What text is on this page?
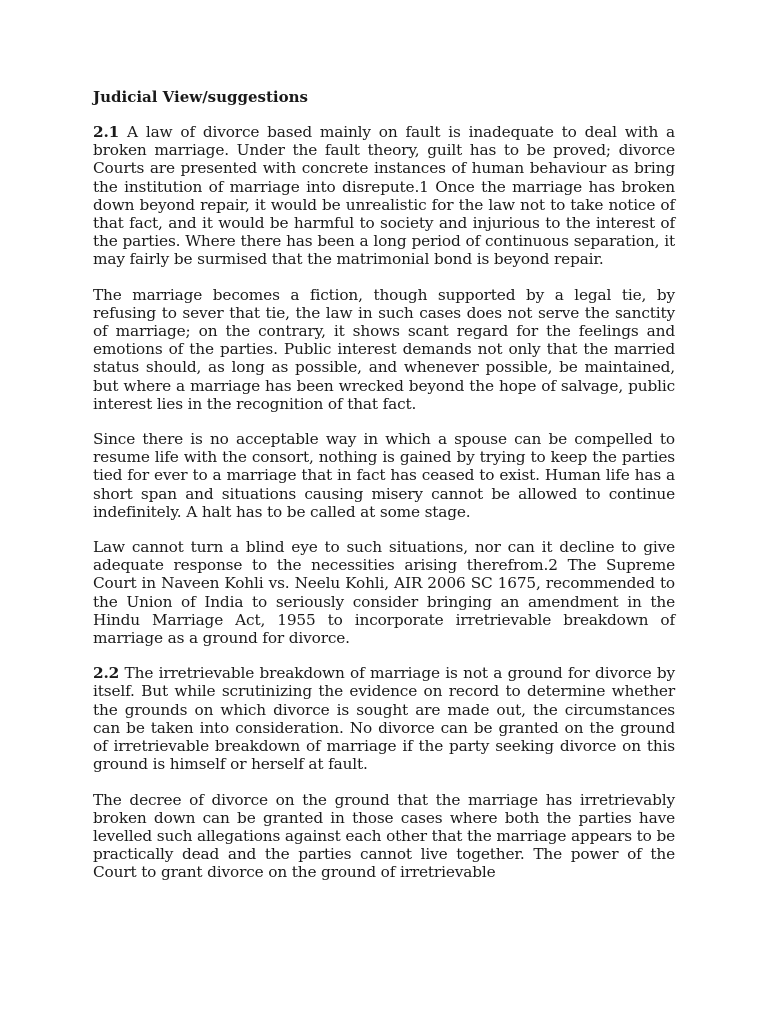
Judicial View/suggestions

2.1 A law of divorce based mainly on fault is inadequate to deal with a broken marriage. Under the fault theory, guilt has to be proved; divorce Courts are presented with concrete instances of human behaviour as bring the institution of marriage into disrepute.1 Once the marriage has broken down beyond repair, it would be unrealistic for the law not to take notice of that fact, and it would be harmful to society and injurious to the interest of the parties. Where there has been a long period of continuous separation, it may fairly be surmised that the matrimonial bond is beyond repair.

The marriage becomes a fiction, though supported by a legal tie, by refusing to sever that tie, the law in such cases does not serve the sanctity of marriage; on the contrary, it shows scant regard for the feelings and emotions of the parties. Public interest demands not only that the married status should, as long as possible, and whenever possible, be maintained, but where a marriage has been wrecked beyond the hope of salvage, public interest lies in the recognition of that fact.

Since there is no acceptable way in which a spouse can be compelled to resume life with the consort, nothing is gained by trying to keep the parties tied for ever to a marriage that in fact has ceased to exist. Human life has a short span and situations causing misery cannot be allowed to continue indefinitely. A halt has to be called at some stage.

Law cannot turn a blind eye to such situations, nor can it decline to give adequate response to the necessities arising therefrom.2 The Supreme Court in Naveen Kohli vs. Neelu Kohli, AIR 2006 SC 1675, recommended to the Union of India to seriously consider bringing an amendment in the Hindu Marriage Act, 1955 to incorporate irretrievable breakdown of marriage as a ground for divorce.

2.2 The irretrievable breakdown of marriage is not a ground for divorce by itself. But while scrutinizing the evidence on record to determine whether the grounds on which divorce is sought are made out, the circumstances can be taken into consideration. No divorce can be granted on the ground of irretrievable breakdown of marriage if the party seeking divorce on this ground is himself or herself at fault.

The decree of divorce on the ground that the marriage has irretrievably broken down can be granted in those cases where both the parties have levelled such allegations against each other that the marriage appears to be practically dead and the parties cannot live together. The power of the Court to grant divorce on the ground of irretrievable
